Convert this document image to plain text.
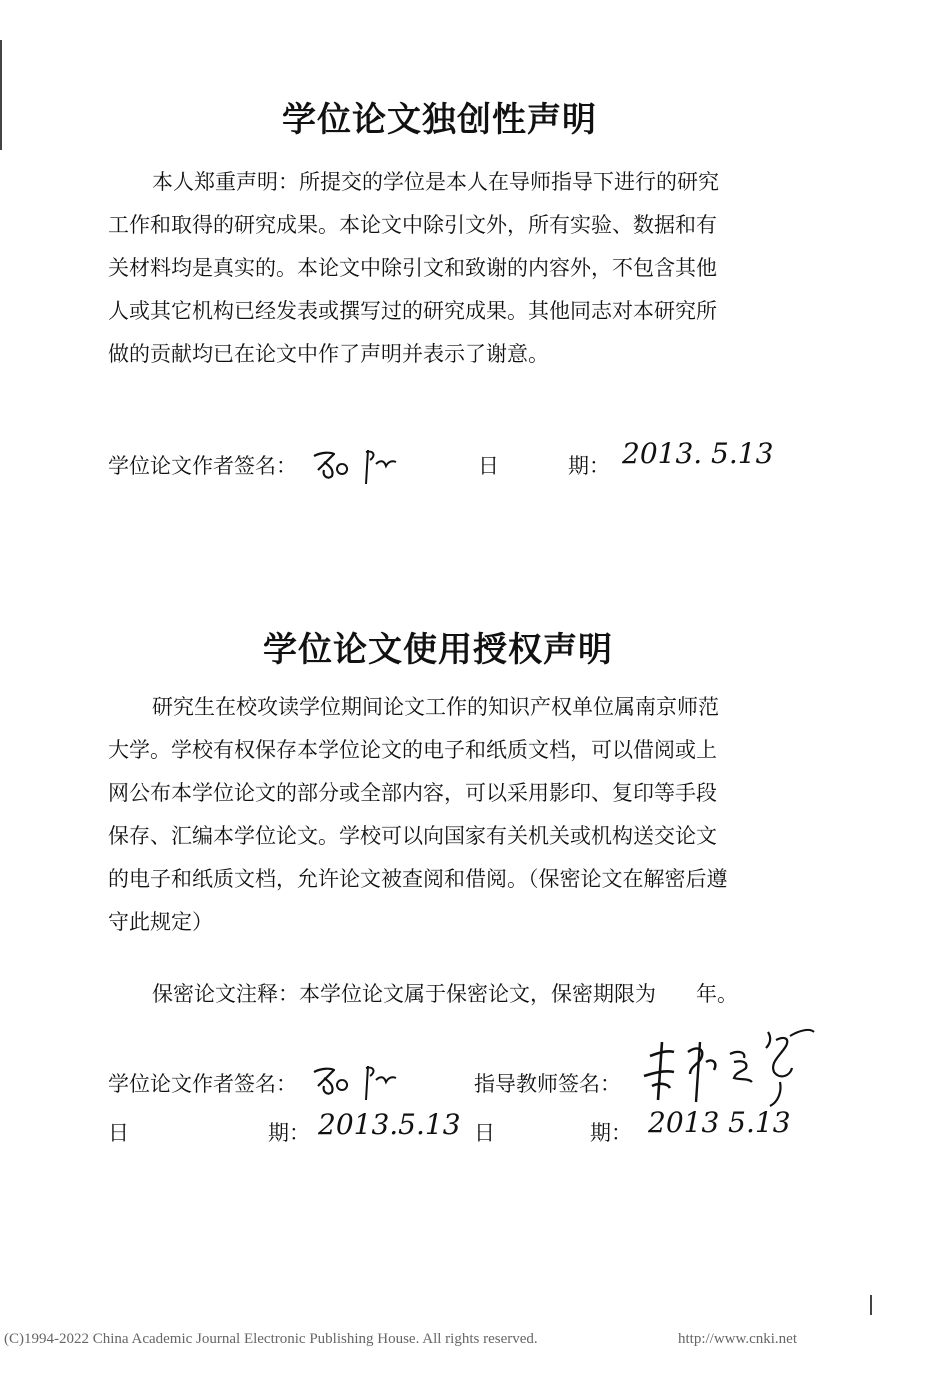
学位论文独创性声明
本人郑重声明：所提交的学位是本人在导师指导下进行的研究
工作和取得的研究成果。本论文中除引文外，所有实验、数据和有
关材料均是真实的。本论文中除引文和致谢的内容外，不包含其他
人或其它机构已经发表或撰写过的研究成果。其他同志对本研究所
做的贡献均已在论文中作了声明并表示了谢意。
学位论文作者签名：	日	期： 2013. 5.13
学位论文使用授权声明
研究生在校攻读学位期间论文工作的知识产权单位属南京师范
大学。学校有权保存本学位论文的电子和纸质文档，可以借阅或上
网公布本学位论文的部分或全部内容，可以采用影印、复印等手段
保存、汇编本学位论文。学校可以向国家有关机关或机构送交论文
的电子和纸质文档，允许论文被查阅和借阅。（保密论文在解密后遵
守此规定）
保密论文注释：本学位论文属于保密论文，保密期限为      年。
学位论文作者签名：	指导教师签名：
日	期： 2013.5.13 日	期： 2013 5.13
(C)1994-2022 China Academic Journal Electronic Publishing House. All rights reserved.	http://www.cnki.net
